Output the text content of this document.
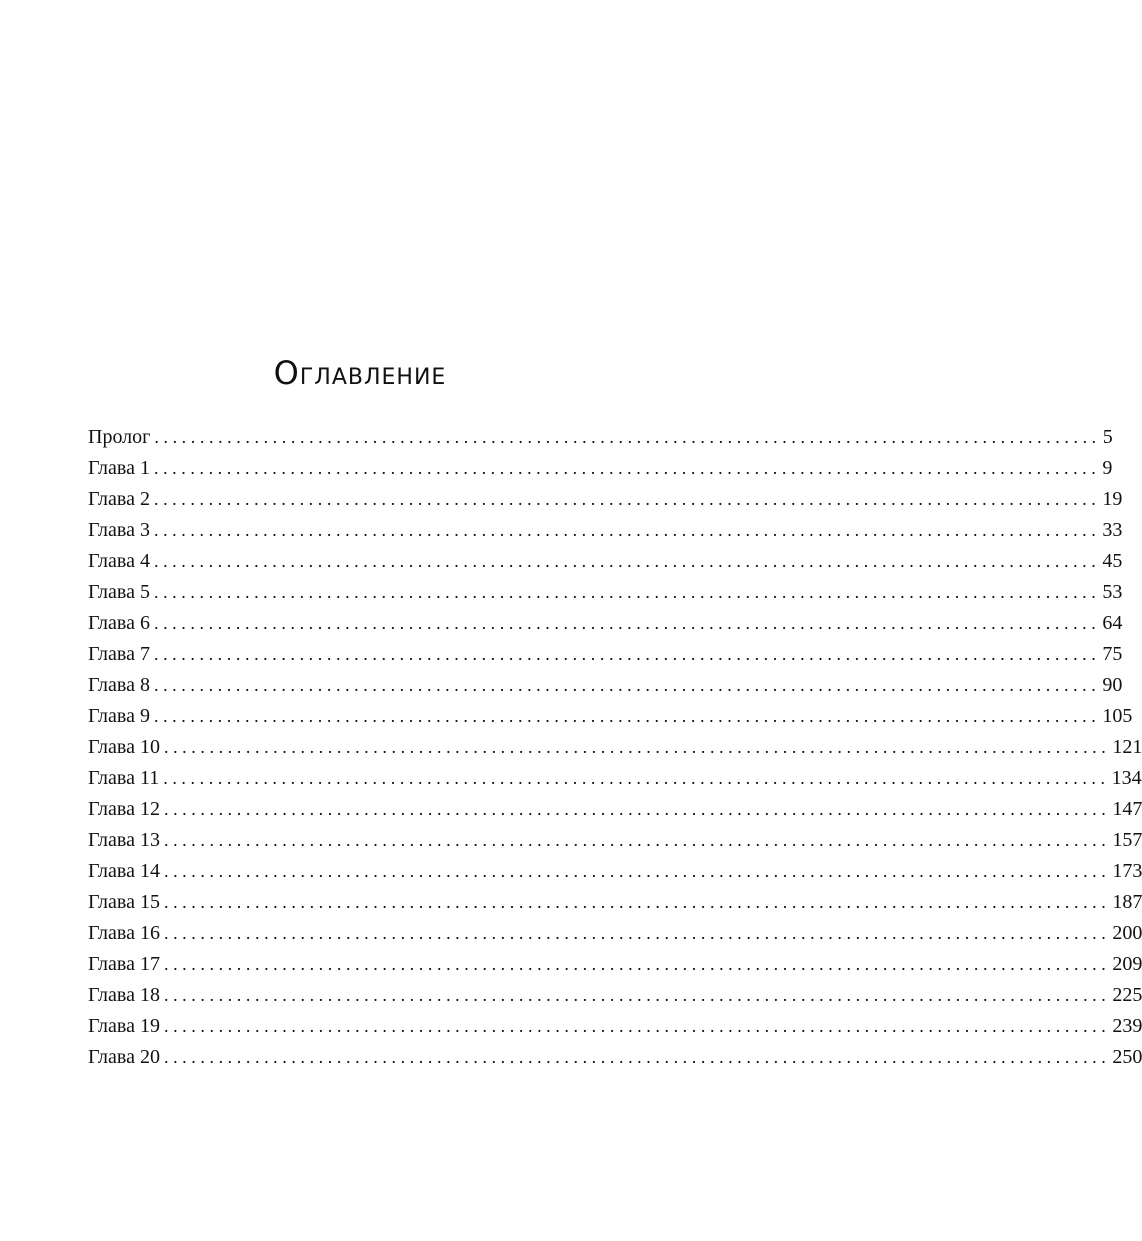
Оглавление
Пролог ........................................................................................................ 5
Глава 1 ........................................................................................................ 9
Глава 2 ........................................................................................................ 19
Глава 3 ........................................................................................................ 33
Глава 4 ........................................................................................................ 45
Глава 5 ........................................................................................................ 53
Глава 6 ........................................................................................................ 64
Глава 7 ........................................................................................................ 75
Глава 8 ........................................................................................................ 90
Глава 9 ........................................................................................................ 105
Глава 10 ........................................................................................................ 121
Глава 11 ........................................................................................................ 134
Глава 12 ........................................................................................................ 147
Глава 13 ........................................................................................................ 157
Глава 14 ........................................................................................................ 173
Глава 15 ........................................................................................................ 187
Глава 16 ........................................................................................................ 200
Глава 17 ........................................................................................................ 209
Глава 18 ........................................................................................................ 225
Глава 19 ........................................................................................................ 239
Глава 20 ........................................................................................................ 250
